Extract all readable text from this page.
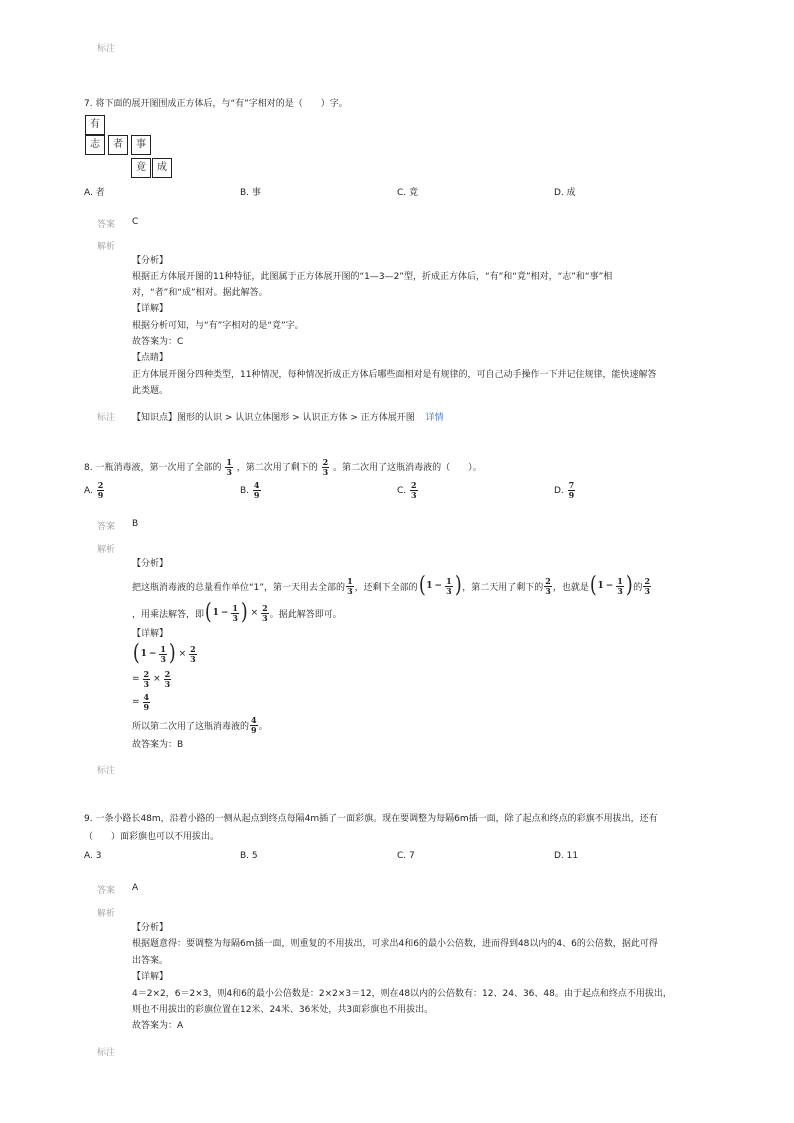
标注
7. 将下面的展开图围成正方体后，与“有”字相对的是（　　）字。
有
志	者	事
竟	成
A. 者	B. 事	C. 竟	D. 成
答案 C
解析
【分析】
根据正方体展开图的11种特征，此图属于正方体展开图的“1—3—2”型，折成正方体后，“有”和“竟”相对，“志”和“事”相
对，“者”和“成”相对。据此解答。
【详解】
根据分析可知，与“有”字相对的是“竟”字。
故答案为：C
【点睛】
正方体展开图分四种类型，11种情况，每种情况折成正方体后哪些面相对是有规律的，可自己动手操作一下并记住规律，能快速解答
此类题。
标注 【知识点】图形的认识 > 认识立体图形 > 认识正方体 > 正方体展开图 详情
8. 一瓶消毒液，第一次用了全部的 $\frac{1}{3}$ ，第二次用了剩下的 $\frac{2}{3}$ 。第二次用了这瓶消毒液的（　　）。
A. $\frac{2}{9}$	B. $\frac{4}{9}$	C. $\frac{2}{3}$	D. $\frac{7}{9}$
答案 B
解析
【分析】
把这瓶消毒液的总量看作单位“1”，第一天用去全部的 $\frac{1}{3}$ ，还剩下全部的 ( $1 - \frac{1}{3}$ ) ，第二天用了剩下的 $\frac{2}{3}$ ，也就是 ( $1 - \frac{1}{3}$ ) 的 $\frac{2}{3}$
，用乘法解答，即 ( $1 - \frac{1}{3}$ ) × $\frac{2}{3}$ 。据此解答即可。
【详解】
( $1 - \frac{1}{3}$ ) × $\frac{2}{3}$
= $\frac{2}{3} \times \frac{2}{3}$
= $\frac{4}{9}$
所以第二次用了这瓶消毒液的 $\frac{4}{9}$ 。
故答案为：B
标注
9. 一条小路长48m，沿着小路的一侧从起点到终点每隔4m插了一面彩旗。现在要调整为每隔6m插一面，除了起点和终点的彩旗不用拔出，还有
（　　）面彩旗也可以不用拔出。
A. 3	B. 5	C. 7	D. 11
答案 A
解析
【分析】
根据题意得：要调整为每隔6m插一面，则重复的不用拔出，可求出4和6的最小公倍数，进而得到48以内的4、6的公倍数，据此可得
出答案。
【详解】
4＝2×2，6＝2×3，则4和6的最小公倍数是：2×2×3＝12，则在48以内的公倍数有：12、24、36、48。由于起点和终点不用拔出，
则也不用拔出的彩旗位置在12米、24米、36米处，共3面彩旗也不用拔出。
故答案为：A
标注
